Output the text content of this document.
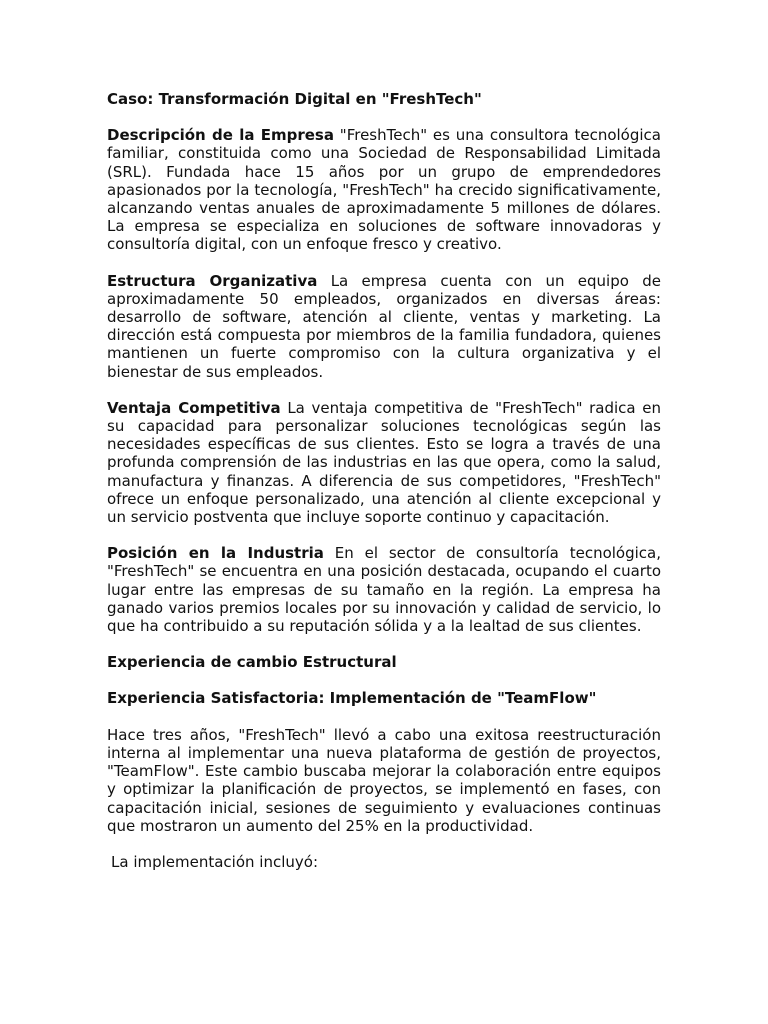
Caso: Transformación Digital en "FreshTech"

Descripción de la Empresa "FreshTech" es una consultora tecnológica familiar, constituida como una Sociedad de Responsabilidad Limitada (SRL). Fundada hace 15 años por un grupo de emprendedores apasionados por la tecnología, "FreshTech" ha crecido significativamente, alcanzando ventas anuales de aproximadamente 5 millones de dólares. La empresa se especializa en soluciones de software innovadoras y consultoría digital, con un enfoque fresco y creativo.

Estructura Organizativa La empresa cuenta con un equipo de aproximadamente 50 empleados, organizados en diversas áreas: desarrollo de software, atención al cliente, ventas y marketing. La dirección está compuesta por miembros de la familia fundadora, quienes mantienen un fuerte compromiso con la cultura organizativa y el bienestar de sus empleados.

Ventaja Competitiva La ventaja competitiva de "FreshTech" radica en su capacidad para personalizar soluciones tecnológicas según las necesidades específicas de sus clientes. Esto se logra a través de una profunda comprensión de las industrias en las que opera, como la salud, manufactura y finanzas. A diferencia de sus competidores, "FreshTech" ofrece un enfoque personalizado, una atención al cliente excepcional y un servicio postventa que incluye soporte continuo y capacitación.

Posición en la Industria En el sector de consultoría tecnológica, "FreshTech" se encuentra en una posición destacada, ocupando el cuarto lugar entre las empresas de su tamaño en la región. La empresa ha ganado varios premios locales por su innovación y calidad de servicio, lo que ha contribuido a su reputación sólida y a la lealtad de sus clientes.

Experiencia de cambio Estructural

Experiencia Satisfactoria: Implementación de "TeamFlow"

Hace tres años, "FreshTech" llevó a cabo una exitosa reestructuración interna al implementar una nueva plataforma de gestión de proyectos, "TeamFlow". Este cambio buscaba mejorar la colaboración entre equipos y optimizar la planificación de proyectos, se implementó en fases, con capacitación inicial, sesiones de seguimiento y evaluaciones continuas que mostraron un aumento del 25% en la productividad.

La implementación incluyó:
